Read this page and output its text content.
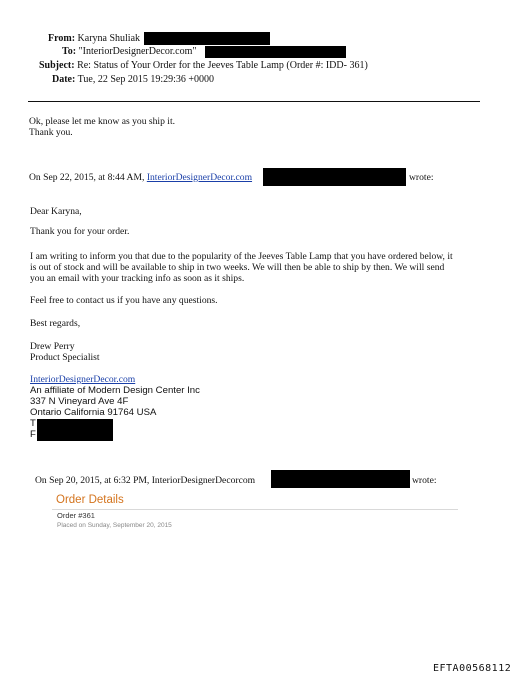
From: Karyna Shuliak
To: "InteriorDesignerDecor.com"
Subject: Re: Status of Your Order for the Jeeves Table Lamp (Order #: IDD- 361)
Date: Tue, 22 Sep 2015 19:29:36 +0000
Ok, please let me know as you ship it.
Thank you.
On Sep 22, 2015, at 8:44 AM, InteriorDesignerDecor.com	wrote:
Dear Karyna,
Thank you for your order.
I am writing to inform you that due to the popularity of the Jeeves Table Lamp that you have ordered below, it
is out of stock and will be available to ship in two weeks. We will then be able to ship by then. We will send
you an email with your tracking info as soon as it ships.
Feel free to contact us if you have any questions.
Best regards,
Drew Perry
Product Specialist
InteriorDesignerDecor.com
An affiliate of Modern Design Center Inc
337 N Vineyard Ave 4F
Ontario California 91764 USA
T
F
On Sep 20, 2015, at 6:32 PM, InteriorDesignerDecorcom	wrote:
Order Details
Order #361
Placed on Sunday, September 20, 2015
EFTA00568112
